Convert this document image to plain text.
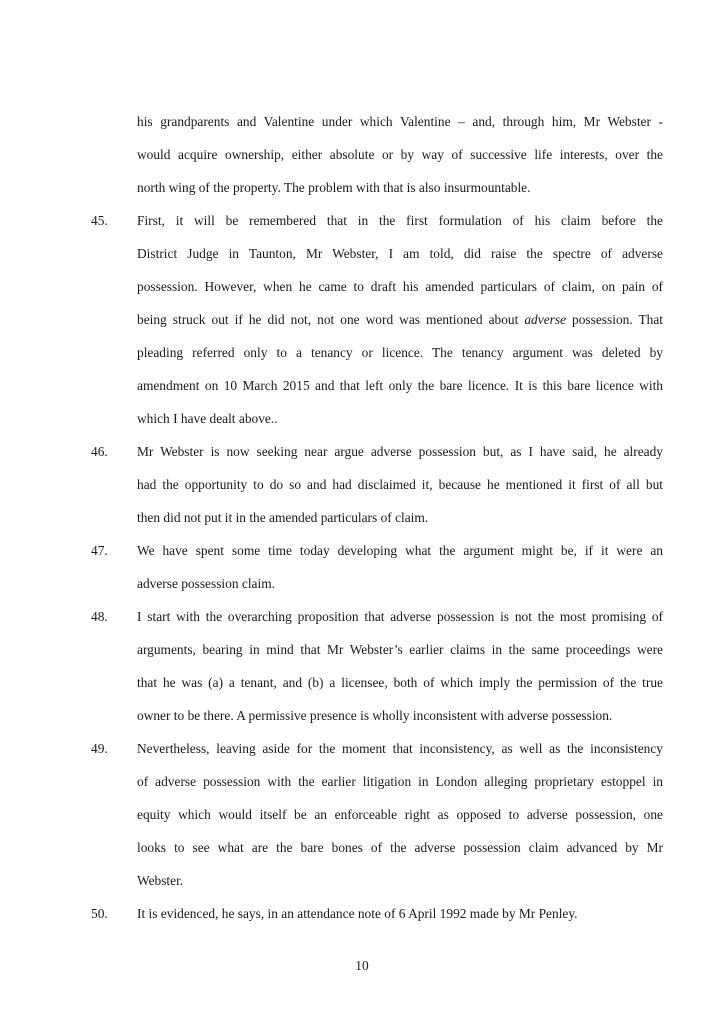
his grandparents and Valentine under which Valentine – and, through him, Mr Webster -
would acquire ownership, either absolute or by way of successive life interests, over the
north wing of the property. The problem with that is also insurmountable.
45. First, it will be remembered that in the first formulation of his claim before the
District Judge in Taunton, Mr Webster, I am told, did raise the spectre of adverse
possession. However, when he came to draft his amended particulars of claim, on pain of
being struck out if he did not, not one word was mentioned about adverse possession. That
pleading referred only to a tenancy or licence. The tenancy argument was deleted by
amendment on 10 March 2015 and that left only the bare licence. It is this bare licence with
which I have dealt above..
46. Mr Webster is now seeking near argue adverse possession but, as I have said, he already
had the opportunity to do so and had disclaimed it, because he mentioned it first of all but
then did not put it in the amended particulars of claim.
47. We have spent some time today developing what the argument might be, if it were an
adverse possession claim.
48. I start with the overarching proposition that adverse possession is not the most promising of
arguments, bearing in mind that Mr Webster’s earlier claims in the same proceedings were
that he was (a) a tenant, and (b) a licensee, both of which imply the permission of the true
owner to be there. A permissive presence is wholly inconsistent with adverse possession.
49. Nevertheless, leaving aside for the moment that inconsistency, as well as the inconsistency
of adverse possession with the earlier litigation in London alleging proprietary estoppel in
equity which would itself be an enforceable right as opposed to adverse possession, one
looks to see what are the bare bones of the adverse possession claim advanced by Mr
Webster.
50. It is evidenced, he says, in an attendance note of 6 April 1992 made by Mr Penley.
10
